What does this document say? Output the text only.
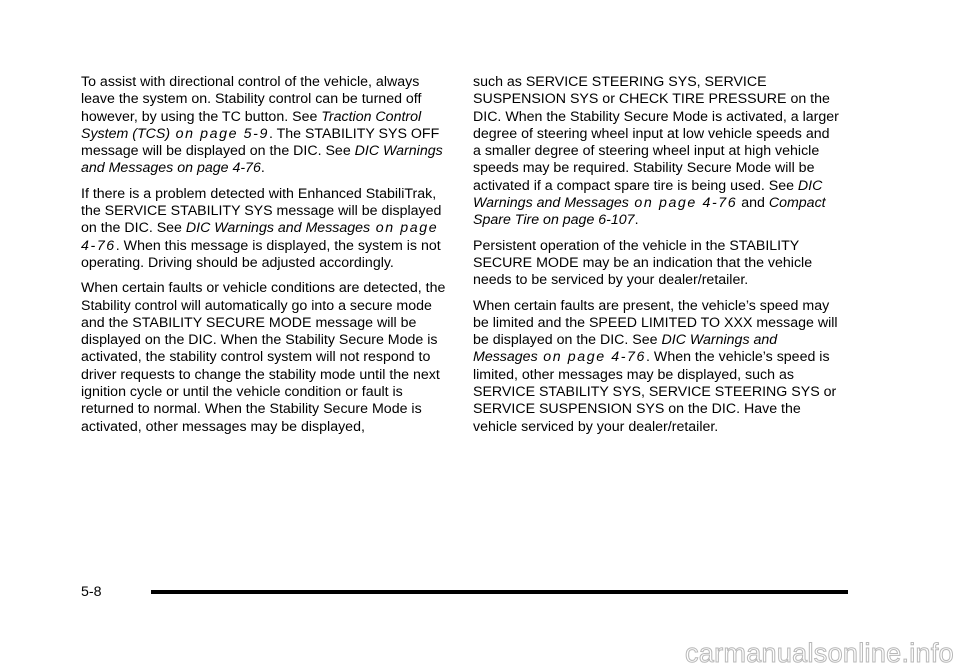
To assist with directional control of the vehicle, always leave the system on. Stability control can be turned off however, by using the TC button. See Traction Control System (TCS) on page 5-9. The STABILITY SYS OFF message will be displayed on the DIC. See DIC Warnings and Messages on page 4-76.

If there is a problem detected with Enhanced StabiliTrak, the SERVICE STABILITY SYS message will be displayed on the DIC. See DIC Warnings and Messages on page 4-76. When this message is displayed, the system is not operating. Driving should be adjusted accordingly.

When certain faults or vehicle conditions are detected, the Stability control will automatically go into a secure mode and the STABILITY SECURE MODE message will be displayed on the DIC. When the Stability Secure Mode is activated, the stability control system will not respond to driver requests to change the stability mode until the next ignition cycle or until the vehicle condition or fault is returned to normal. When the Stability Secure Mode is activated, other messages may be displayed,

such as SERVICE STEERING SYS, SERVICE SUSPENSION SYS or CHECK TIRE PRESSURE on the DIC. When the Stability Secure Mode is activated, a larger degree of steering wheel input at low vehicle speeds and a smaller degree of steering wheel input at high vehicle speeds may be required. Stability Secure Mode will be activated if a compact spare tire is being used. See DIC Warnings and Messages on page 4-76 and Compact Spare Tire on page 6-107.

Persistent operation of the vehicle in the STABILITY SECURE MODE may be an indication that the vehicle needs to be serviced by your dealer/retailer.

When certain faults are present, the vehicle’s speed may be limited and the SPEED LIMITED TO XXX message will be displayed on the DIC. See DIC Warnings and Messages on page 4-76. When the vehicle’s speed is limited, other messages may be displayed, such as SERVICE STABILITY SYS, SERVICE STEERING SYS or SERVICE SUSPENSION SYS on the DIC. Have the vehicle serviced by your dealer/retailer.

5-8
carmanualsonline.info
